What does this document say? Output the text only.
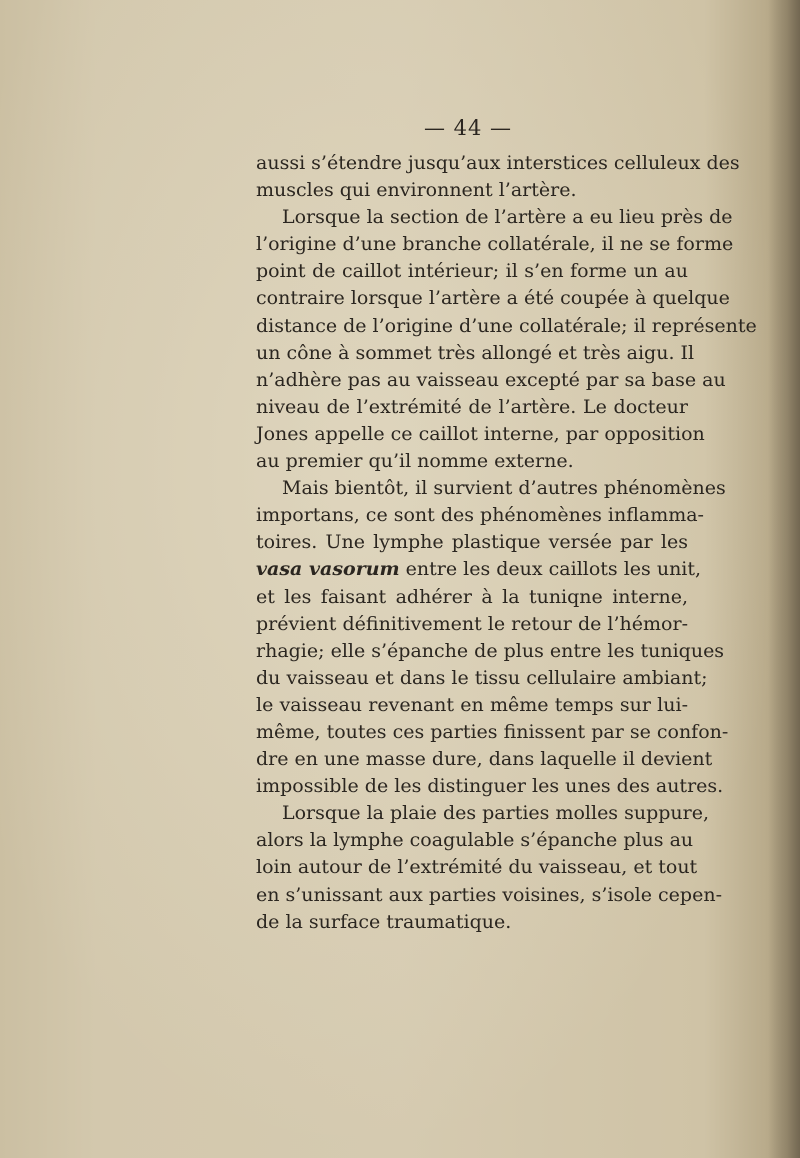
— 44 —
aussi s’étendre jusqu’aux interstices celluleux des
muscles qui environnent l’artère.
Lorsque la section de l’artère a eu lieu près de
l’origine d’une branche collatérale, il ne se forme
point de caillot intérieur; il s’en forme un au
contraire lorsque l’artère a été coupée à quelque
distance de l’origine d’une collatérale; il représente
un cône à sommet très allongé et très aigu. Il
n’adhère pas au vaisseau excepté par sa base au
niveau de l’extrémité de l’artère. Le docteur
Jones appelle ce caillot interne, par opposition
au premier qu’il nomme externe.
Mais bientôt, il survient d’autres phénomènes
importans, ce sont des phénomènes inflamma-
toires. Une lymphe plastique versée par les
vasa vasorum entre les deux caillots les unit,
et les faisant adhérer à la tuniqne interne,
prévient définitivement le retour de l’hémor-
rhagie; elle s’épanche de plus entre les tuniques
du vaisseau et dans le tissu cellulaire ambiant;
le vaisseau revenant en même temps sur lui-
même, toutes ces parties finissent par se confon-
dre en une masse dure, dans laquelle il devient
impossible de les distinguer les unes des autres.
Lorsque la plaie des parties molles suppure,
alors la lymphe coagulable s’épanche plus au
loin autour de l’extrémité du vaisseau, et tout
en s’unissant aux parties voisines, s’isole cepen-
de la surface traumatique.
